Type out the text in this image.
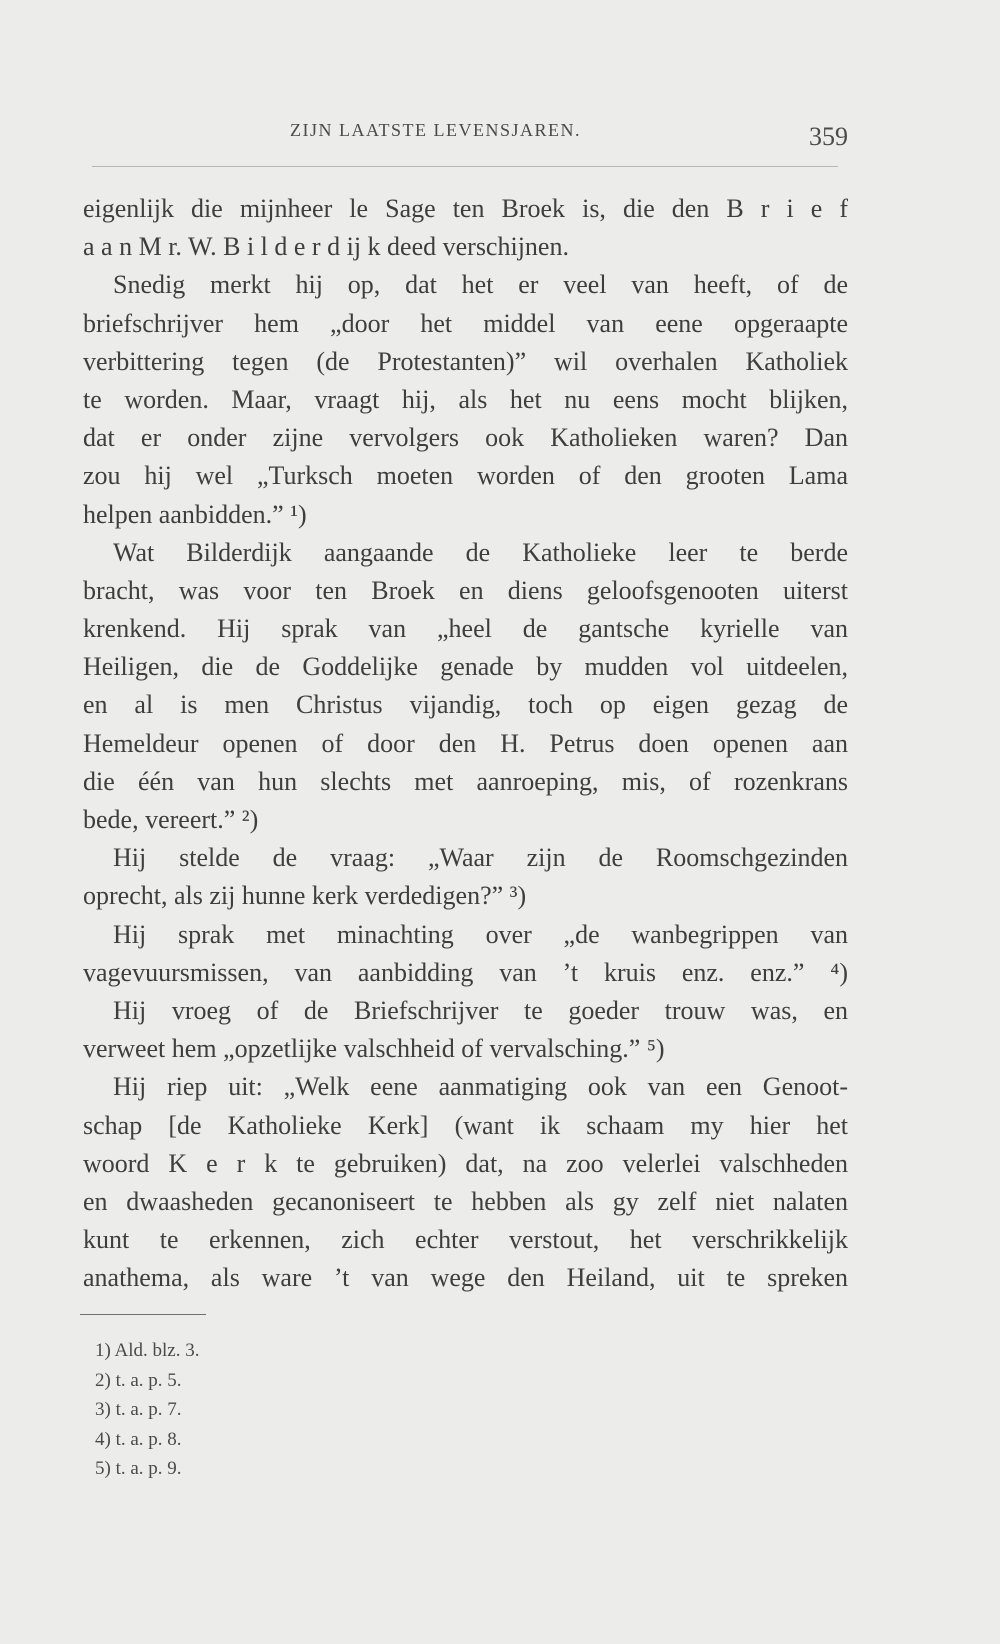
ZIJN LAATSTE LEVENSJAREN.	359
eigenlijk die mijnheer le Sage ten Broek is, die den B r i e f
a a n M r. W. B i l d e r d ij k deed verschijnen.
Snedig merkt hij op, dat het er veel van heeft, of de
briefschrijver hem „door het middel van eene opgeraapte
verbittering tegen (de Protestanten)” wil overhalen Katholiek
te worden. Maar, vraagt hij, als het nu eens mocht blijken,
dat er onder zijne vervolgers ook Katholieken waren? Dan
zou hij wel „Turksch moeten worden of den grooten Lama
helpen aanbidden.” ¹)
Wat Bilderdijk aangaande de Katholieke leer te berde
bracht, was voor ten Broek en diens geloofsgenooten uiterst
krenkend. Hij sprak van „heel de gantsche kyrielle van
Heiligen, die de Goddelijke genade by mudden vol uitdeelen,
en al is men Christus vijandig, toch op eigen gezag de
Hemeldeur openen of door den H. Petrus doen openen aan
die één van hun slechts met aanroeping, mis, of rozenkrans
bede, vereert.” ²)
Hij stelde de vraag: „Waar zijn de Roomschgezinden
oprecht, als zij hunne kerk verdedigen?” ³)
Hij sprak met minachting over „de wanbegrippen van
vagevuursmissen, van aanbidding van ’t kruis enz. enz.” ⁴)
Hij vroeg of de Briefschrijver te goeder trouw was, en
verweet hem „opzetlijke valschheid of vervalsching.” ⁵)
Hij riep uit: „Welk eene aanmatiging ook van een Genoot-
schap [de Katholieke Kerk] (want ik schaam my hier het
woord K e r k te gebruiken) dat, na zoo velerlei valschheden
en dwaasheden gecanoniseert te hebben als gy zelf niet nalaten
kunt te erkennen, zich echter verstout, het verschrikkelijk
anathema, als ware ’t van wege den Heiland, uit te spreken
1) Ald. blz. 3.
2) t. a. p. 5.
3) t. a. p. 7.
4) t. a. p. 8.
5) t. a. p. 9.
